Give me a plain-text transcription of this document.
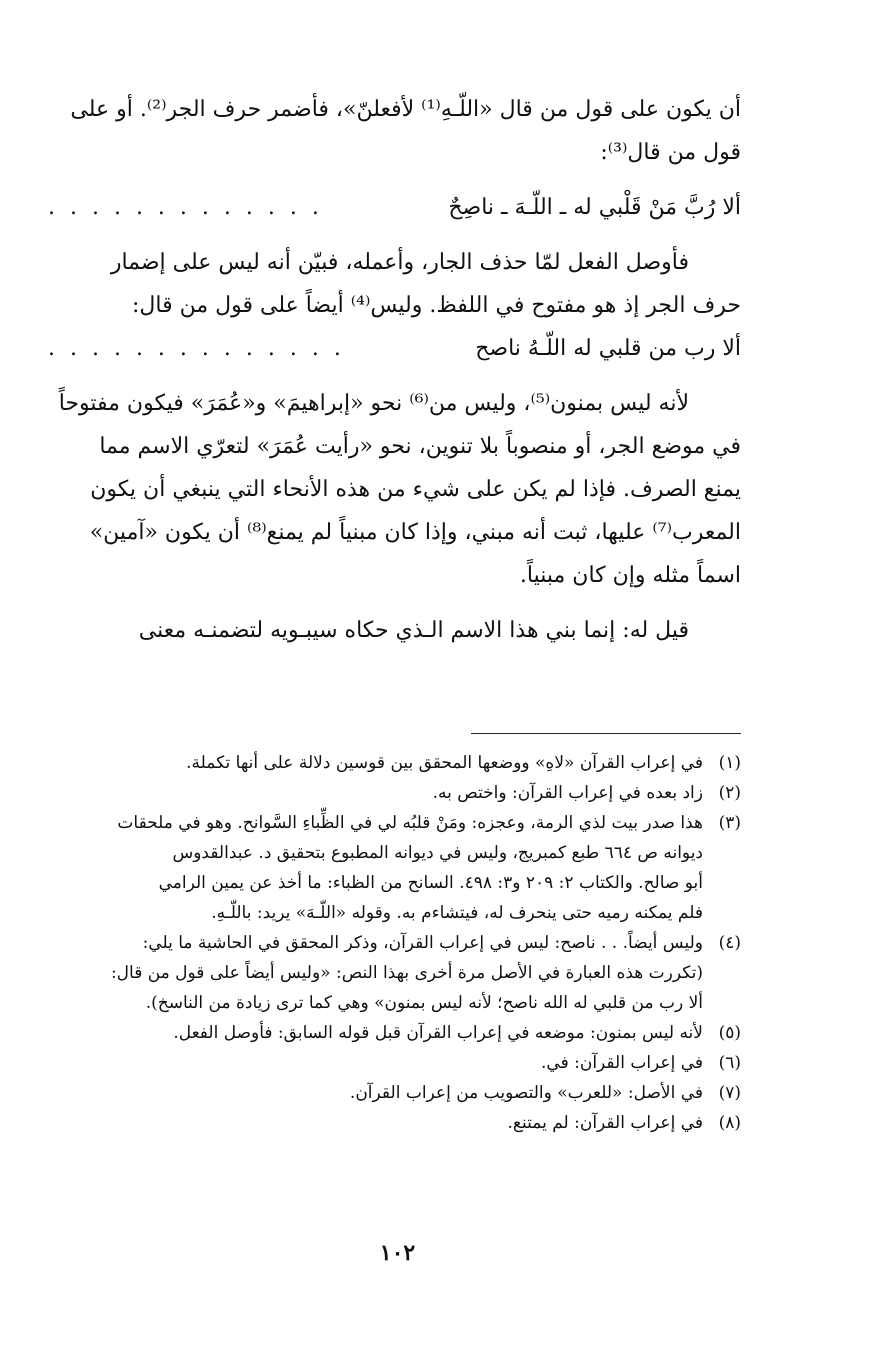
أن يكون على قول من قال «اللّـهِ⁽¹⁾ لأفعلنّ»، فأضمر حرف الجر⁽²⁾. أو على

قول من قال⁽³⁾:

ألا رُبَّ مَنْ قَلْبي له ـ اللّـهَ ـ ناصِحٌ
. . . . . . . . . . . . .

فأوصل الفعل لمّا حذف الجار، وأعمله، فبيّن أنه ليس على إضمار

حرف الجر إذ هو مفتوح في اللفظ. وليس⁽⁴⁾ أيضاً على قول من قال:

ألا رب من قلبي له اللّـهُ ناصح
. . . . . . . . . . . . . .

لأنه ليس بمنون⁽⁵⁾، وليس من⁽⁶⁾ نحو «إبراهيمَ» و«عُمَرَ» فيكون مفتوحاً

في موضع الجر، أو منصوباً بلا تنوين، نحو «رأيت عُمَرَ» لتعرّي الاسم مما

يمنع الصرف. فإذا لم يكن على شيء من هذه الأنحاء التي ينبغي أن يكون

المعرب⁽⁷⁾ عليها، ثبت أنه مبني، وإذا كان مبنياً لم يمنع⁽⁸⁾ أن يكون «آمين»

اسماً مثله وإن كان مبنياً.

قيل له: إنما بني هذا الاسم الـذي حكاه سيبـويه لتضمنـه معنى

(١)
في إعراب القرآن «لاهِ» ووضعها المحقق بين قوسين دلالة على أنها تكملة.
(٢)
زاد بعده في إعراب القرآن: واختص به.
(٣)
هذا صدر بيت لذي الرمة، وعجزه: ومَنْ قلبُه لي في الظِّباءِ السَّوانح. وهو في ملحقات
ديوانه ص ٦٦٤ طبع كمبريج، وليس في ديوانه المطبوع بتحقيق د. عبدالقدوس
أبو صالح. والكتاب ٢: ٢٠٩ و٣: ٤٩٨. السانح من الظباء: ما أخذ عن يمين الرامي
فلم يمكنه رميه حتى ينحرف له، فيتشاءم به. وقوله «اللّـهَ» يريد: باللّـهِ.
(٤)
وليس أيضاً. . . ناصح: ليس في إعراب القرآن، وذكر المحقق في الحاشية ما يلي:
(تكررت هذه العبارة في الأصل مرة أخرى بهذا النص: «وليس أيضاً على قول من قال:
ألا رب من قلبي له الله ناصح؛ لأنه ليس بمنون» وهي كما ترى زيادة من الناسخ).
(٥)
لأنه ليس بمنون: موضعه في إعراب القرآن قبل قوله السابق: فأوصل الفعل.
(٦)
في إعراب القرآن: في.
(٧)
في الأصل: «للعرب» والتصويب من إعراب القرآن.
(٨)
في إعراب القرآن: لم يمتنع.
١٠٢
